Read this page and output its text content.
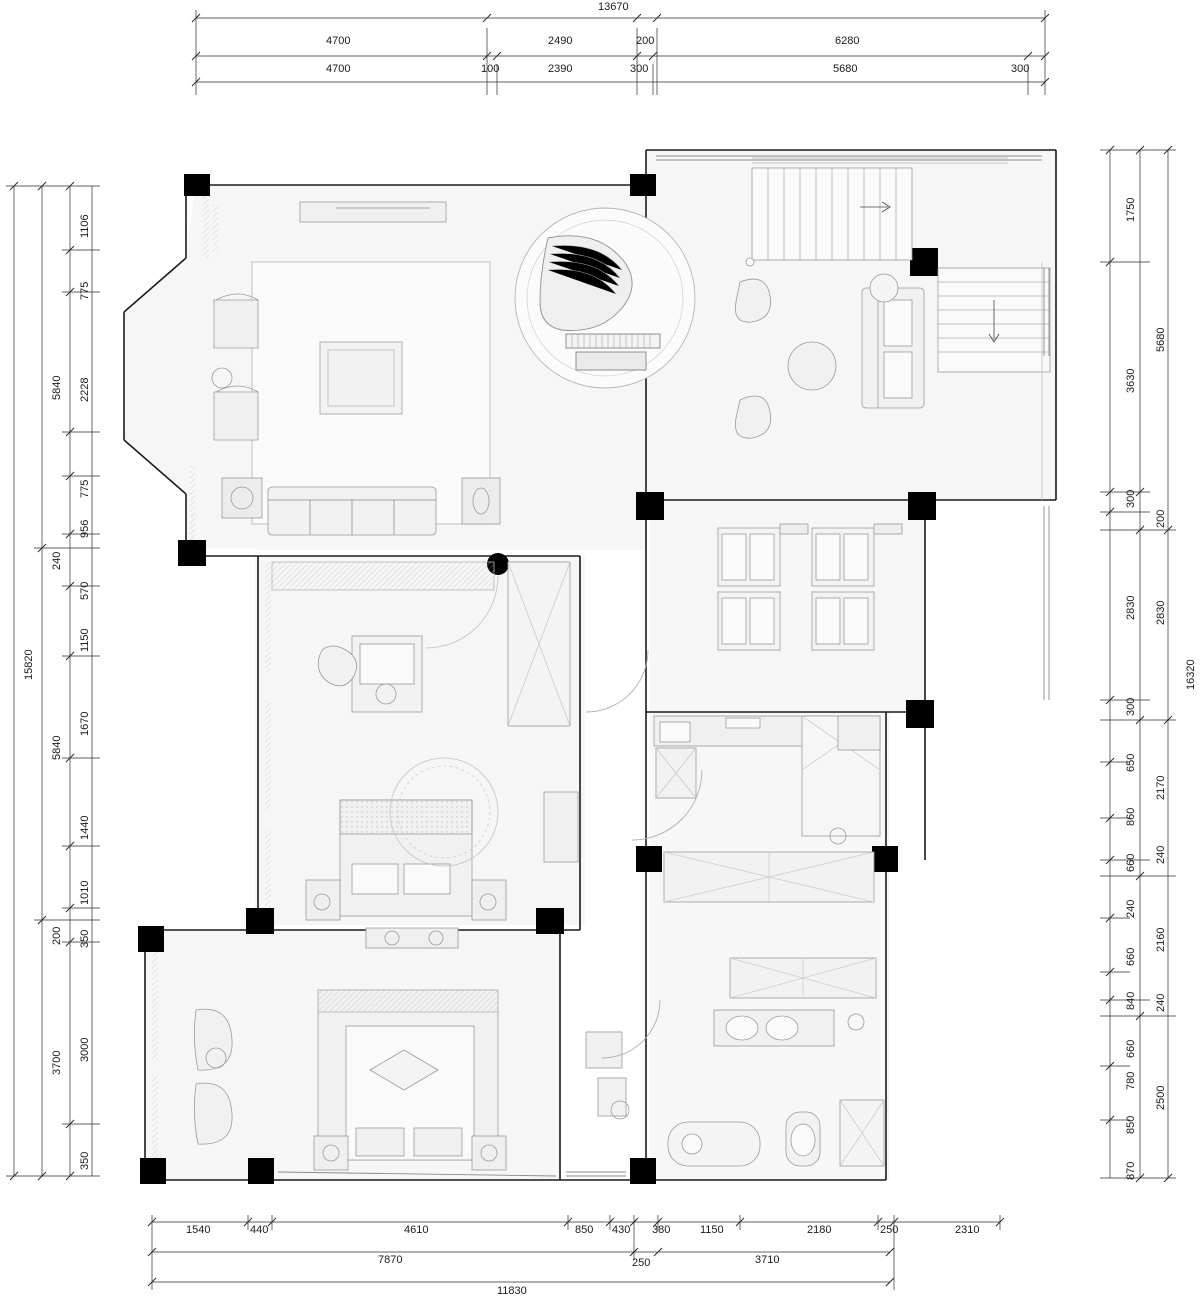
4700	2490	200	6280
4700	100	2390	300	5680	300
13670
1540	440	4610	850 430 380	1150	2180	250	2310
7870	250	3710
11830
1106
775
2228
775
956
240
570
1150
1670
1440
1010
200 350
3000
350
5840
5840
3700
15820
1750
3630
300
2830
300
650
860
660
240
660
840
660
780
850
870
5680
200
2830
2170
240
2160
240
2500
16320
